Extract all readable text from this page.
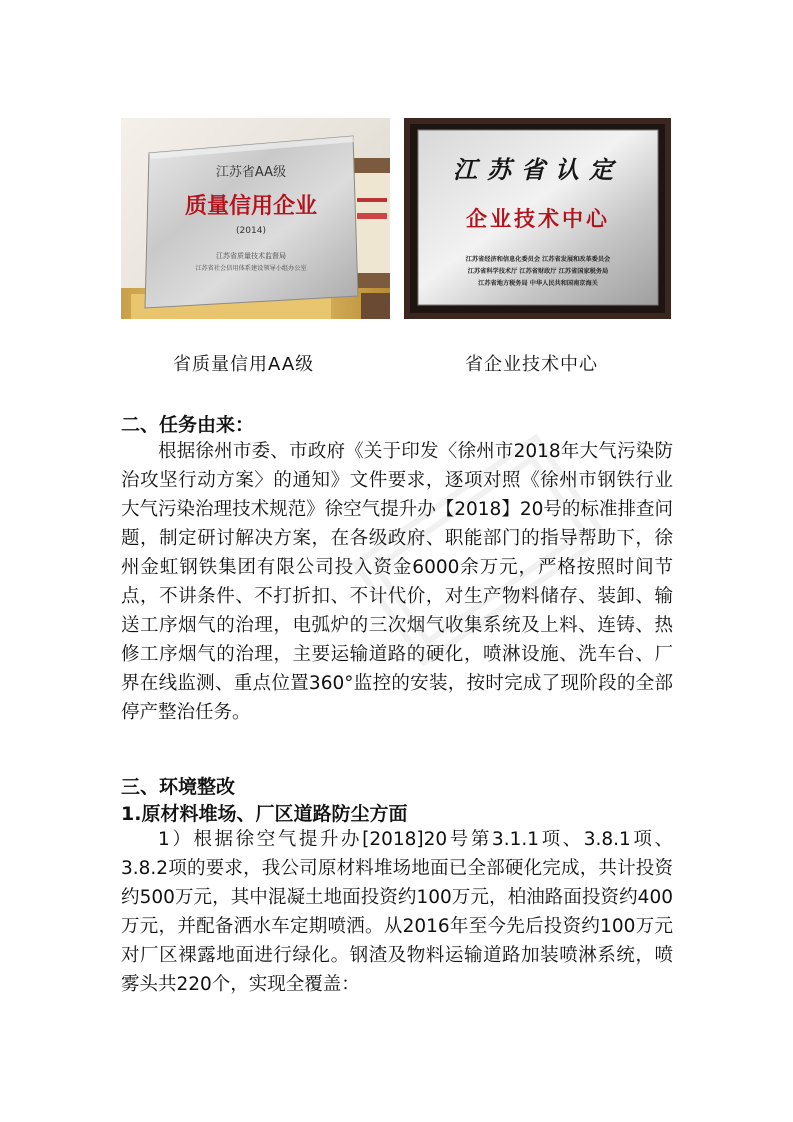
江苏省AA级
质量信用企业
(2014)
江苏省质量技术监督局
江苏省社会信用体系建设领导小组办公室
江苏省认定
企业技术中心
江苏省经济和信息化委员会 江苏省发展和改革委员会
江苏省科学技术厅 江苏省财政厅 江苏省国家税务局
江苏省地方税务局 中华人民共和国南京海关
省质量信用AA级	省企业技术中心
二、任务由来：

根据徐州市委、市政府《关于印发〈徐州市2018年大气污染防治攻坚行动方案〉的通知》文件要求，逐项对照《徐州市钢铁行业大气污染治理技术规范》徐空气提升办【2018】20号的标准排查问题，制定研讨解决方案，在各级政府、职能部门的指导帮助下，徐州金虹钢铁集团有限公司投入资金6000余万元，严格按照时间节点，不讲条件、不打折扣、不计代价，对生产物料储存、装卸、输送工序烟气的治理，电弧炉的三次烟气收集系统及上料、连铸、热修工序烟气的治理，主要运输道路的硬化，喷淋设施、洗车台、厂界在线监测、重点位置360°监控的安装，按时完成了现阶段的全部停产整治任务。

三、环境整改
1.原材料堆场、厂区道路防尘方面

1）根据徐空气提升办[2018]20号第3.1.1项、3.8.1项、3.8.2项的要求，我公司原材料堆场地面已全部硬化完成，共计投资约500万元，其中混凝土地面投资约100万元，柏油路面投资约400万元，并配备洒水车定期喷洒。从2016年至今先后投资约100万元对厂区裸露地面进行绿化。钢渣及物料运输道路加装喷淋系统，喷雾头共220个，实现全覆盖：
